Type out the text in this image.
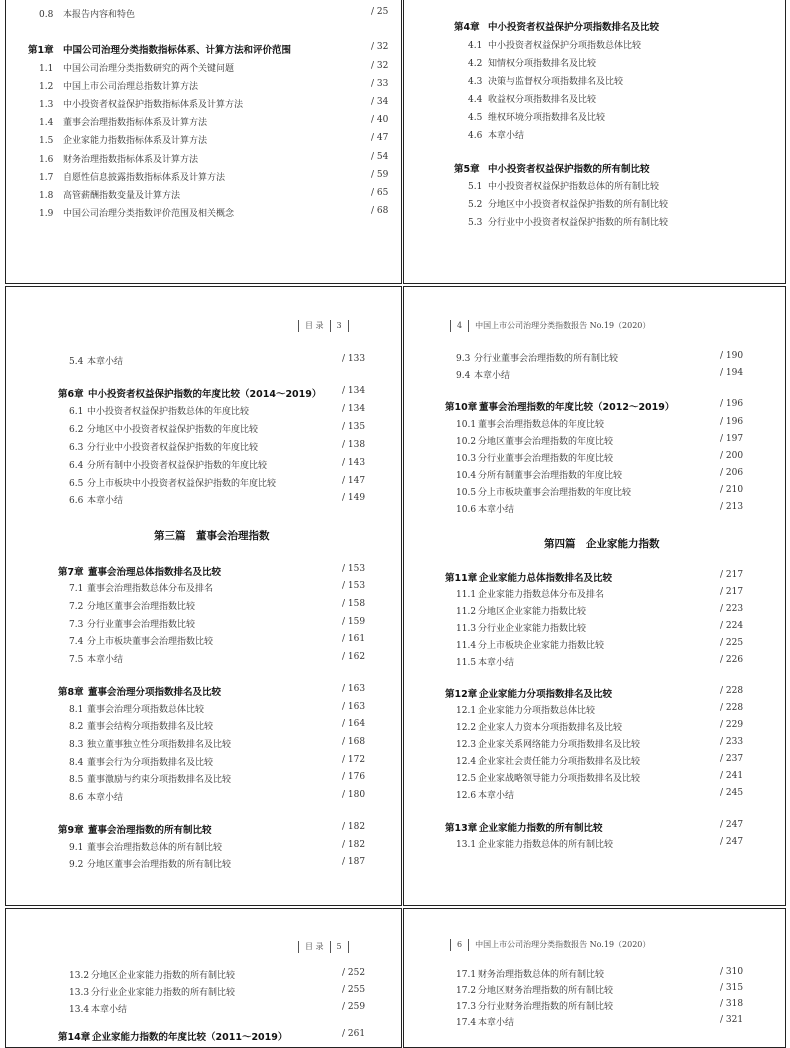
0.8	本报告内容和特色	/ 25
第1章 中国公司治理分类指数指标体系、计算方法和评价范围	/ 32
1.1	中国公司治理分类指数研究的两个关键问题	/ 32
1.2	中国上市公司治理总指数计算方法	/ 33
1.3	中小投资者权益保护指数指标体系及计算方法	/ 34
1.4	董事会治理指数指标体系及计算方法	/ 40
1.5	企业家能力指数指标体系及计算方法	/ 47
1.6	财务治理指数指标体系及计算方法	/ 54
1.7	自愿性信息披露指数指标体系及计算方法	/ 59
1.8	高管薪酬指数变量及计算方法	/ 65
1.9	中国公司治理分类指数评价范围及相关概念	/ 68
第4章 中小投资者权益保护分项指数排名及比较
4.1 中小投资者权益保护分项指数总体比较
4.2 知情权分项指数排名及比较
4.3 决策与监督权分项指数排名及比较
4.4 收益权分项指数排名及比较
4.5 维权环境分项指数排名及比较
4.6 本章小结
第5章 中小投资者权益保护指数的所有制比较
5.1 中小投资者权益保护指数总体的所有制比较
5.2 分地区中小投资者权益保护指数的所有制比较
5.3 分行业中小投资者权益保护指数的所有制比较
目 录 3
5.4 本章小结	/ 133
第6章 中小投资者权益保护指数的年度比较（2014～2019） / 134
6.1 中小投资者权益保护指数总体的年度比较	/ 134
6.2 分地区中小投资者权益保护指数的年度比较	/ 135
6.3 分行业中小投资者权益保护指数的年度比较	/ 138
6.4 分所有制中小投资者权益保护指数的年度比较	/ 143
6.5 分上市板块中小投资者权益保护指数的年度比较	/ 147
6.6 本章小结	/ 149
第三篇　董事会治理指数
第7章 董事会治理总体指数排名及比较	/ 153
7.1 董事会治理指数总体分布及排名	/ 153
7.2 分地区董事会治理指数比较	/ 158
7.3 分行业董事会治理指数比较	/ 159
7.4 分上市板块董事会治理指数比较	/ 161
7.5 本章小结	/ 162
第8章 董事会治理分项指数排名及比较	/ 163
8.1 董事会治理分项指数总体比较	/ 163
8.2 董事会结构分项指数排名及比较	/ 164
8.3 独立董事独立性分项指数排名及比较	/ 168
8.4 董事会行为分项指数排名及比较	/ 172
8.5 董事激励与约束分项指数排名及比较	/ 176
8.6 本章小结	/ 180
第9章 董事会治理指数的所有制比较	/ 182
9.1 董事会治理指数总体的所有制比较	/ 182
9.2 分地区董事会治理指数的所有制比较	/ 187
4 中国上市公司治理分类指数报告 No.19（2020）
9.3 分行业董事会治理指数的所有制比较	/ 190
9.4 本章小结	/ 194
第10章 董事会治理指数的年度比较（2012～2019）	/ 196
10.1 董事会治理指数总体的年度比较	/ 196
10.2 分地区董事会治理指数的年度比较	/ 197
10.3 分行业董事会治理指数的年度比较	/ 200
10.4 分所有制董事会治理指数的年度比较	/ 206
10.5 分上市板块董事会治理指数的年度比较	/ 210
10.6 本章小结	/ 213
第四篇　企业家能力指数
第11章 企业家能力总体指数排名及比较	/ 217
11.1 企业家能力指数总体分布及排名	/ 217
11.2 分地区企业家能力指数比较	/ 223
11.3 分行业企业家能力指数比较	/ 224
11.4 分上市板块企业家能力指数比较	/ 225
11.5 本章小结	/ 226
第12章 企业家能力分项指数排名及比较	/ 228
12.1 企业家能力分项指数总体比较	/ 228
12.2 企业家人力资本分项指数排名及比较	/ 229
12.3 企业家关系网络能力分项指数排名及比较	/ 233
12.4 企业家社会责任能力分项指数排名及比较	/ 237
12.5 企业家战略领导能力分项指数排名及比较	/ 241
12.6 本章小结	/ 245
第13章 企业家能力指数的所有制比较	/ 247
13.1 企业家能力指数总体的所有制比较	/ 247
目 录 5
13.2 分地区企业家能力指数的所有制比较	/ 252
13.3 分行业企业家能力指数的所有制比较	/ 255
13.4 本章小结	/ 259
第14章 企业家能力指数的年度比较（2011～2019）	/ 261
6 中国上市公司治理分类指数报告 No.19（2020）
17.1 财务治理指数总体的所有制比较	/ 310
17.2 分地区财务治理指数的所有制比较	/ 315
17.3 分行业财务治理指数的所有制比较	/ 318
17.4 本章小结	/ 321
